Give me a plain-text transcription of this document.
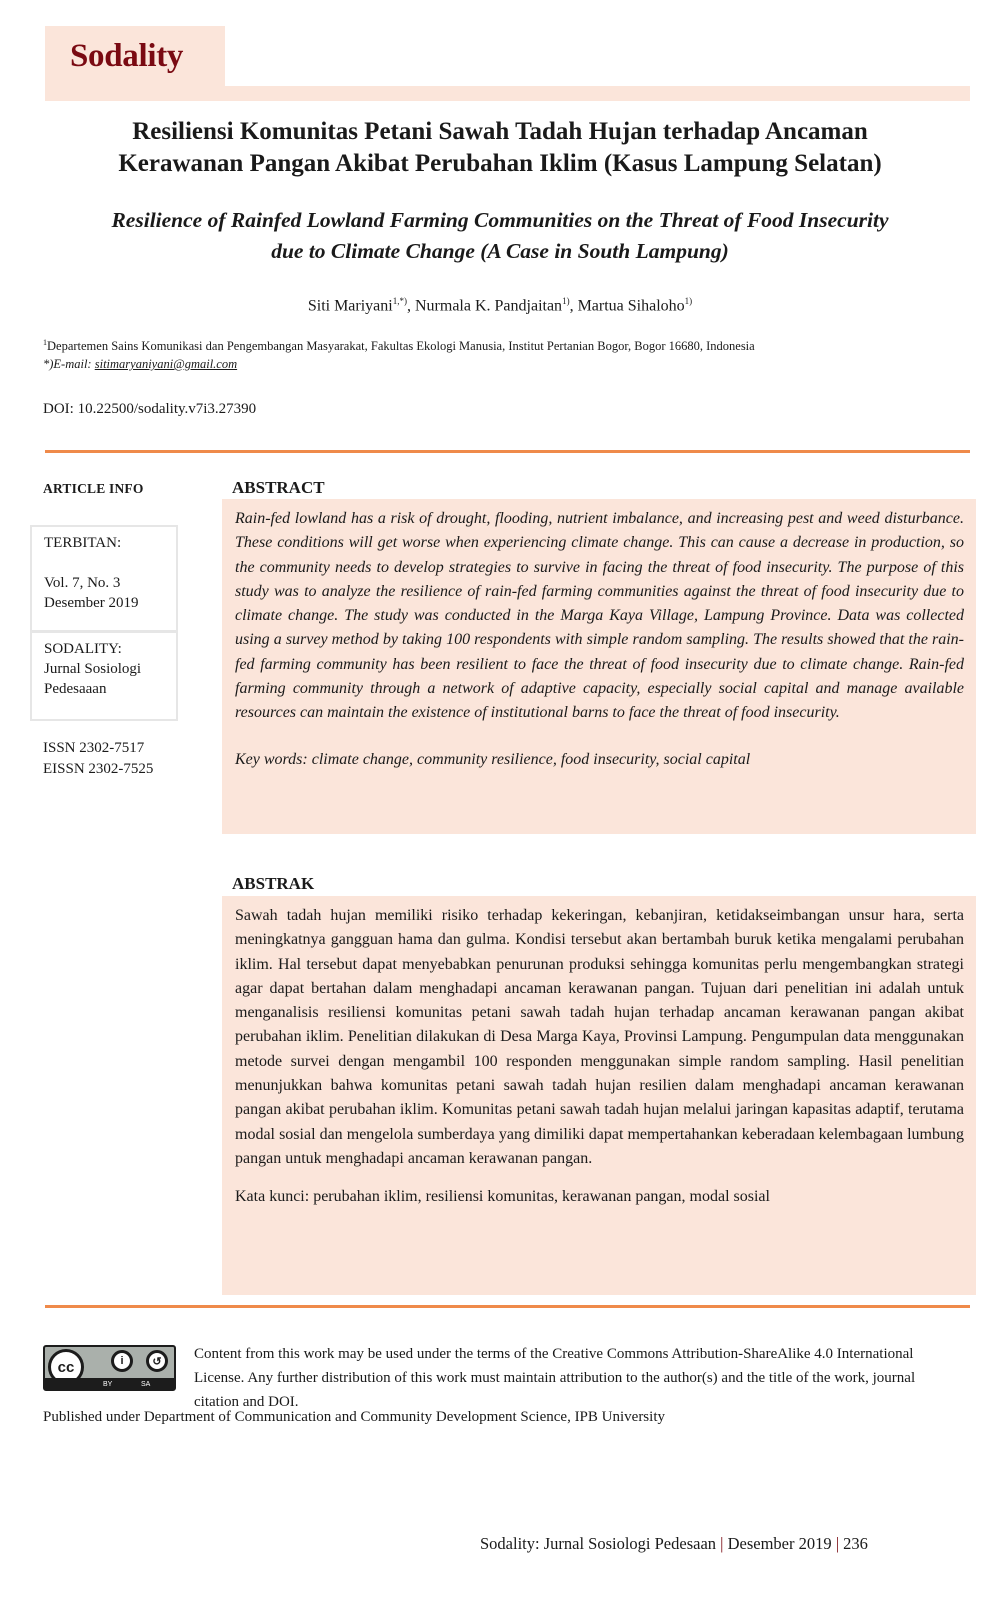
Sodality
Resiliensi Komunitas Petani Sawah Tadah Hujan terhadap Ancaman
Kerawanan Pangan Akibat Perubahan Iklim (Kasus Lampung Selatan)
Resilience of Rainfed Lowland Farming Communities on the Threat of Food Insecurity
due to Climate Change (A Case in South Lampung)
Siti Mariyani$^{1,*)}$, Nurmala K. Pandjaitan$^{1)}$, Martua Sihaloho$^{1)}$
$^1$Departemen Sains Komunikasi dan Pengembangan Masyarakat, Fakultas Ekologi Manusia, Institut Pertanian Bogor, Bogor 16680, Indonesia
*)E-mail: sitimaryaniyani@gmail.com
DOI: 10.22500/sodality.v7i3.27390
ARTICLE INFO
TERBITAN:
Vol. 7, No. 3
Desember 2019
SODALITY:
Jurnal Sosiologi
Pedesaaan
ISSN 2302-7517
EISSN 2302-7525
ABSTRACT
Rain-fed lowland has a risk of drought, flooding, nutrient imbalance, and increasing pest and weed disturbance. These conditions will get worse when experiencing climate change. This can cause a decrease in production, so the community needs to develop strategies to survive in facing the threat of food insecurity. The purpose of this study was to analyze the resilience of rain-fed farming communities against the threat of food insecurity due to climate change. The study was conducted in the Marga Kaya Village, Lampung Province. Data was collected using a survey method by taking 100 respondents with simple random sampling. The results showed that the rain-fed farming community has been resilient to face the threat of food insecurity due to climate change. Rain-fed farming community through a network of adaptive capacity, especially social capital and manage available resources can maintain the existence of institutional barns to face the threat of food insecurity.
Key words: climate change, community resilience, food insecurity, social capital
ABSTRAK
Sawah tadah hujan memiliki risiko terhadap kekeringan, kebanjiran, ketidakseimbangan unsur hara, serta meningkatnya gangguan hama dan gulma. Kondisi tersebut akan bertambah buruk ketika mengalami perubahan iklim. Hal tersebut dapat menyebabkan penurunan produksi sehingga komunitas perlu mengembangkan strategi agar dapat bertahan dalam menghadapi ancaman kerawanan pangan. Tujuan dari penelitian ini adalah untuk menganalisis resiliensi komunitas petani sawah tadah hujan terhadap ancaman kerawanan pangan akibat perubahan iklim. Penelitian dilakukan di Desa Marga Kaya, Provinsi Lampung. Pengumpulan data menggunakan metode survei dengan mengambil 100 responden menggunakan simple random sampling. Hasil penelitian menunjukkan bahwa komunitas petani sawah tadah hujan resilien dalam menghadapi ancaman kerawanan pangan akibat perubahan iklim. Komunitas petani sawah tadah hujan melalui jaringan kapasitas adaptif, terutama modal sosial dan mengelola sumberdaya yang dimiliki dapat mempertahankan keberadaan kelembagaan lumbung pangan untuk menghadapi ancaman kerawanan pangan.
Kata kunci: perubahan iklim, resiliensi komunitas, kerawanan pangan, modal sosial
cc	i	↺
BY	SA
Content from this work may be used under the terms of the Creative Commons Attribution-ShareAlike 4.0 International License. Any further distribution of this work must maintain attribution to the author(s) and the title of the work, journal citation and DOI.
Published under Department of Communication and Community Development Science, IPB University
Sodality: Jurnal Sosiologi Pedesaan | Desember 2019 | 236
